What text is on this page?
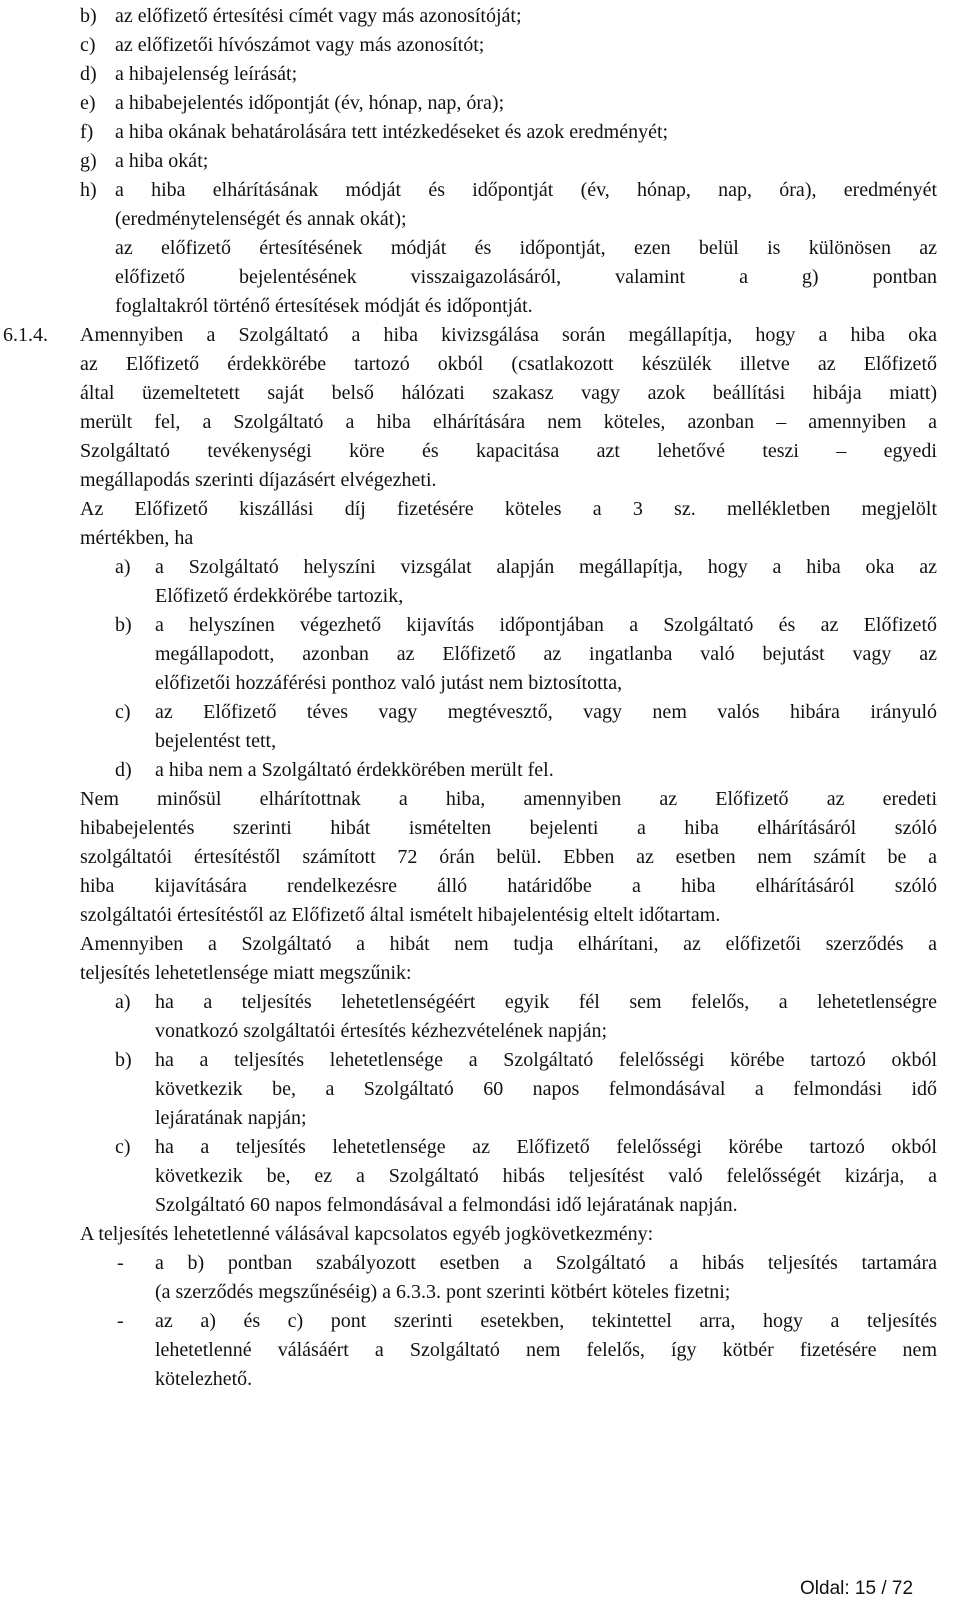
b) az előfizető értesítési címét vagy más azonosítóját;
c) az előfizetői hívószámot vagy más azonosítót;
d) a hibajelenség leírását;
e) a hibabejelentés időpontját (év, hónap, nap, óra);
f) a hiba okának behatárolására tett intézkedéseket és azok eredményét;
g) a hiba okát;
h) a hiba elhárításának módját és időpontját (év, hónap, nap, óra), eredményét
(eredménytelenségét és annak okát);
az előfizető értesítésének módját és időpontját, ezen belül is különösen az
előfizető bejelentésének visszaigazolásáról, valamint a g) pontban
foglaltakról történő értesítések módját és időpontját.
6.1.4. Amennyiben a Szolgáltató a hiba kivizsgálása során megállapítja, hogy a hiba oka
az Előfizető érdekkörébe tartozó okból (csatlakozott készülék illetve az Előfizető
által üzemeltetett saját belső hálózati szakasz vagy azok beállítási hibája miatt)
merült fel, a Szolgáltató a hiba elhárítására nem köteles, azonban – amennyiben a
Szolgáltató tevékenységi köre és kapacitása azt lehetővé teszi – egyedi
megállapodás szerinti díjazásért elvégezheti.
Az Előfizető kiszállási díj fizetésére köteles a 3 sz. mellékletben megjelölt
mértékben, ha
a) a Szolgáltató helyszíni vizsgálat alapján megállapítja, hogy a hiba oka az
Előfizető érdekkörébe tartozik,
b) a helyszínen végezhető kijavítás időpontjában a Szolgáltató és az Előfizető
megállapodott, azonban az Előfizető az ingatlanba való bejutást vagy az
előfizetői hozzáférési ponthoz való jutást nem biztosította,
c) az Előfizető téves vagy megtévesztő, vagy nem valós hibára irányuló
bejelentést tett,
d) a hiba nem a Szolgáltató érdekkörében merült fel.
Nem minősül elhárítottnak a hiba, amennyiben az Előfizető az eredeti
hibabejelentés szerinti hibát ismételten bejelenti a hiba elhárításáról szóló
szolgáltatói értesítéstől számított 72 órán belül. Ebben az esetben nem számít be a
hiba kijavítására rendelkezésre álló határidőbe a hiba elhárításáról szóló
szolgáltatói értesítéstől az Előfizető által ismételt hibajelentésig eltelt időtartam.
Amennyiben a Szolgáltató a hibát nem tudja elhárítani, az előfizetői szerződés a
teljesítés lehetetlensége miatt megszűnik:
a) ha a teljesítés lehetetlenségéért egyik fél sem felelős, a lehetetlenségre
vonatkozó szolgáltatói értesítés kézhezvételének napján;
b) ha a teljesítés lehetetlensége a Szolgáltató felelősségi körébe tartozó okból
következik be, a Szolgáltató 60 napos felmondásával a felmondási idő
lejáratának napján;
c) ha a teljesítés lehetetlensége az Előfizető felelősségi körébe tartozó okból
következik be, ez a Szolgáltató hibás teljesítést való felelősségét kizárja, a
Szolgáltató 60 napos felmondásával a felmondási idő lejáratának napján.
A teljesítés lehetetlenné válásával kapcsolatos egyéb jogkövetkezmény:
- a b) pontban szabályozott esetben a Szolgáltató a hibás teljesítés tartamára
(a szerződés megszűnéséig) a 6.3.3. pont szerinti kötbért köteles fizetni;
- az a) és c) pont szerinti esetekben, tekintettel arra, hogy a teljesítés
lehetetlenné válásáért a Szolgáltató nem felelős, így kötbér fizetésére nem
kötelezhető.
Oldal: 15 / 72
